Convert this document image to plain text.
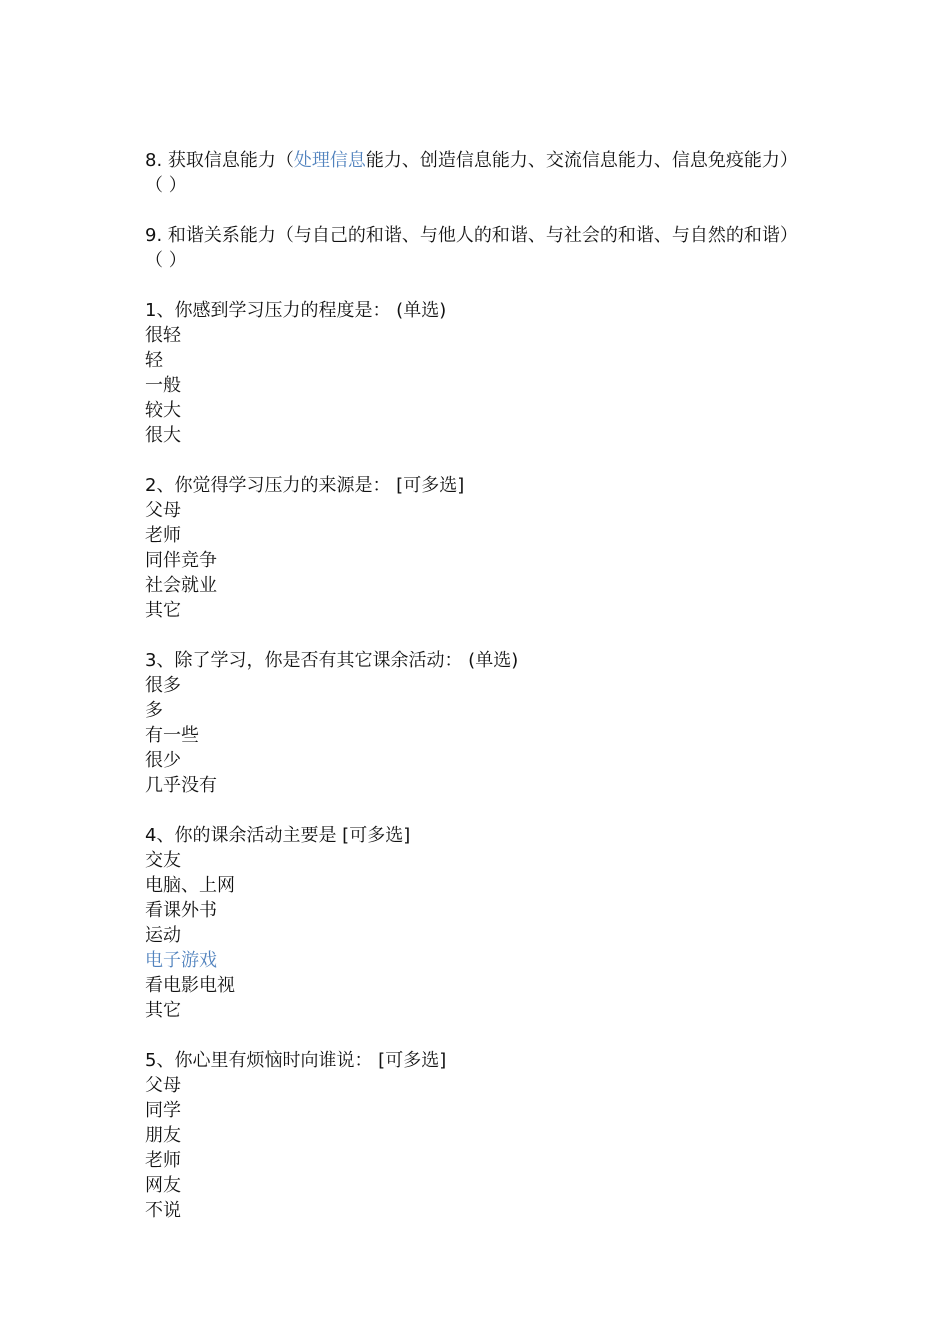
8. 获取信息能力（处理信息能力、创造信息能力、交流信息能力、信息免疫能力）
（ ）
9. 和谐关系能力（与自己的和谐、与他人的和谐、与社会的和谐、与自然的和谐）
（ ）
1、你感到学习压力的程度是： (单选)
很轻
轻
一般
较大
很大
2、你觉得学习压力的来源是： [可多选]
父母
老师
同伴竞争
社会就业
其它
3、除了学习，你是否有其它课余活动： (单选)
很多
多
有一些
很少
几乎没有
4、你的课余活动主要是 [可多选]
交友
电脑、上网
看课外书
运动
电子游戏
看电影电视
其它
5、你心里有烦恼时向谁说： [可多选]
父母
同学
朋友
老师
网友
不说
